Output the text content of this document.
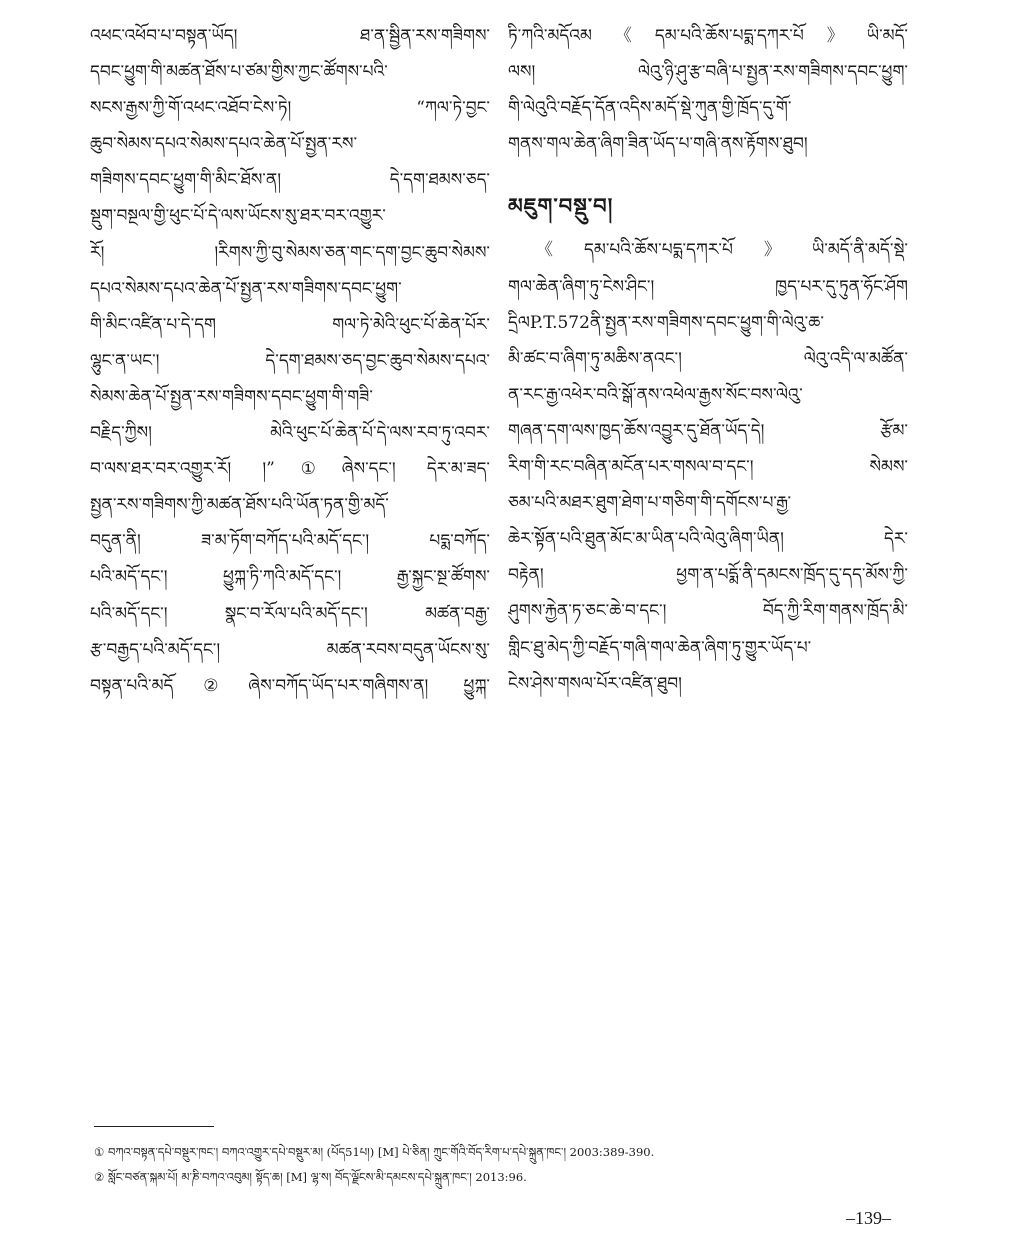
འཕང་འཕོབ་པ་བསྟན་ཡོད། ཐ་ན་སྦྱིན་རས་གཟིགས་
དབང་ཕྱུག་གི་མཚན་ཐོས་པ་ཙམ་གྱིས་ཀྱང་ཚོགས་པའི་
སངས་རྒྱས་ཀྱི་གོ་འཕང་འཐོབ་ངེས་ཏེ། “ཀལ་ཏེ་བྱང་
ཆུབ་སེམས་དཔའ་སེམས་དཔའ་ཆེན་པོ་སྤྱན་རས་
གཟིགས་དབང་ཕྱུག་གི་མིང་ཐོས་ན། དེ་དག་ཐམས་ཅད་
སྡུག་བསྔལ་གྱི་ཕུང་པོ་དེ་ལས་ཡོངས་སུ་ཐར་བར་འགྱུར་
རོ། །རིགས་ཀྱི་བུ་སེམས་ཅན་གང་དག་བྱང་ཆུབ་སེམས་
དཔའ་སེམས་དཔའ་ཆེན་པོ་སྤྱན་རས་གཟིགས་དབང་ཕྱུག་
གི་མིང་འཛིན་པ་དེ་དག གལ་ཏེ་མེའི་ཕུང་པོ་ཆེན་པོར་
ལྷུང་ན་ཡང་། དེ་དག་ཐམས་ཅད་བྱང་ཆུབ་སེམས་དཔའ་
སེམས་ཆེན་པོ་སྤྱན་རས་གཟིགས་དབང་ཕྱུག་གི་གཟི་
བརྗིད་ཀྱིས། མེའི་ཕུང་པོ་ཆེན་པོ་དེ་ལས་རབ་ཏུ་འབར་
བ་ལས་ཐར་བར་འགྱུར་རོ། །”①ཞེས་དང་། དེར་མ་ཟད་
སྤྱན་རས་གཟིགས་ཀྱི་མཚན་ཐོས་པའི་ཡོན་ཏན་གྱི་མདོ་
བདུན་ནི། ཟ་མ་ཏོག་བཀོད་པའི་མདོ་དང་། པདྨ་བཀོད་
པའི་མདོ་དང་། ཕྱུཀྐ་ཏི་ཀའི་མདོ་དང་། རྒྱ་སྐྱང་སྔ་ཚོགས་
པའི་མདོ་དང་། སྣང་བ་རོལ་པའི་མདོ་དང་། མཚན་བརྒྱ་
རྩ་བརྒྱད་པའི་མདོ་དང་། མཚན་རབས་བདུན་ཡོངས་སུ་
བསྟན་པའི་མདོ②ཞེས་བཀོད་ཡོད་པར་གཞིགས་ན། ཕྱུཀྐ་
ཏི་ཀའི་མདོའམ《དམ་པའི་ཆོས་པདྨ་དཀར་པོ》ཡི་མདོ་
ལས། ལེའུ་ཉི་ཤུ་རྩ་བཞི་པ་སྤྱན་རས་གཟིགས་དབང་ཕྱུག་
གི་ལེའུའི་བརྗོད་དོན་འདིས་མདོ་སྡེ་ཀུན་གྱི་ཁྲོད་དུ་གོ་
གནས་གལ་ཆེན་ཞིག་ཟིན་ཡོད་པ་གཞི་ནས་རྟོགས་ཐུབ།
མཇུག་བསྡུ་བ།
《དམ་པའི་ཆོས་པདྨ་དཀར་པོ》ཡི་མདོ་ནི་མདོ་སྡེ་
གལ་ཆེན་ཞིག་ཏུ་ངེས་ཤིང་། ཁྱད་པར་དུ་ཏུན་ཧོང་ཤོག
དྲིལP.T.572ནི་སྤྱན་རས་གཟིགས་དབང་ཕྱུག་གི་ལེའུ་ཆ་
མི་ཚང་བ་ཞིག་ཏུ་མཆིས་ནའང་། ལེའུ་འདི་ལ་མཚོན་
ན་རང་རྒྱ་འཕེར་བའི་སྒོ་ནས་འཕེལ་རྒྱས་སོང་བས་ལེའུ་
གཞན་དག་ལས་ཁྱད་ཆོས་འབྱུར་དུ་ཐོན་ཡོད་དེ། རྩོམ་
རིག་གི་རང་བཞིན་མངོན་པར་གསལ་བ་དང་། སེམས་
ཅམ་པའི་མཐར་ཐུག་ཐེག་པ་གཅིག་གི་དགོངས་པ་རྒྱ་
ཆེར་སྟོན་པའི་ཐུན་མོང་མ་ཡིན་པའི་ལེའུ་ཞིག་ཡིན། དེར་
བརྟེན། ཕྱག་ན་པདྨོ་ནི་དམངས་ཁྲོད་དུ་དད་མོས་ཀྱི་
ཤུགས་རྐྱེན་ཏ་ཅང་ཆེ་བ་དང་། བོད་ཀྱི་རིག་གནས་ཁྲོད་མི་
གླིང་ཐུ་མེད་ཀྱི་བརྗོད་གཞི་གལ་ཆེན་ཞིག་ཏུ་གྱུར་ཡོད་པ་
ངེས་ཤེས་གསལ་པོར་འཛིན་ཐུབ།
① བཀའ་བསྟན་དཔེ་བསྡུར་ཁང་། བཀའ་འགྱུར་དཔེ་བསྡུར་མ། (པོད51པ།) [M] པེ་ཅིན། ཀྲུང་གོའི་བོད་རིག་པ་དཔེ་སྐྲུན་ཁང་། 2003:389-390.
② སློང་བཙན་སྐམ་པོ། མ་ཎི་བཀའ་འབུམ། སྟོད་ཆ། [M] ལྷ་ས། བོད་ལྗོངས་མི་དམངས་དཔེ་སྐྲུན་ཁང་། 2013:96.
–139–
